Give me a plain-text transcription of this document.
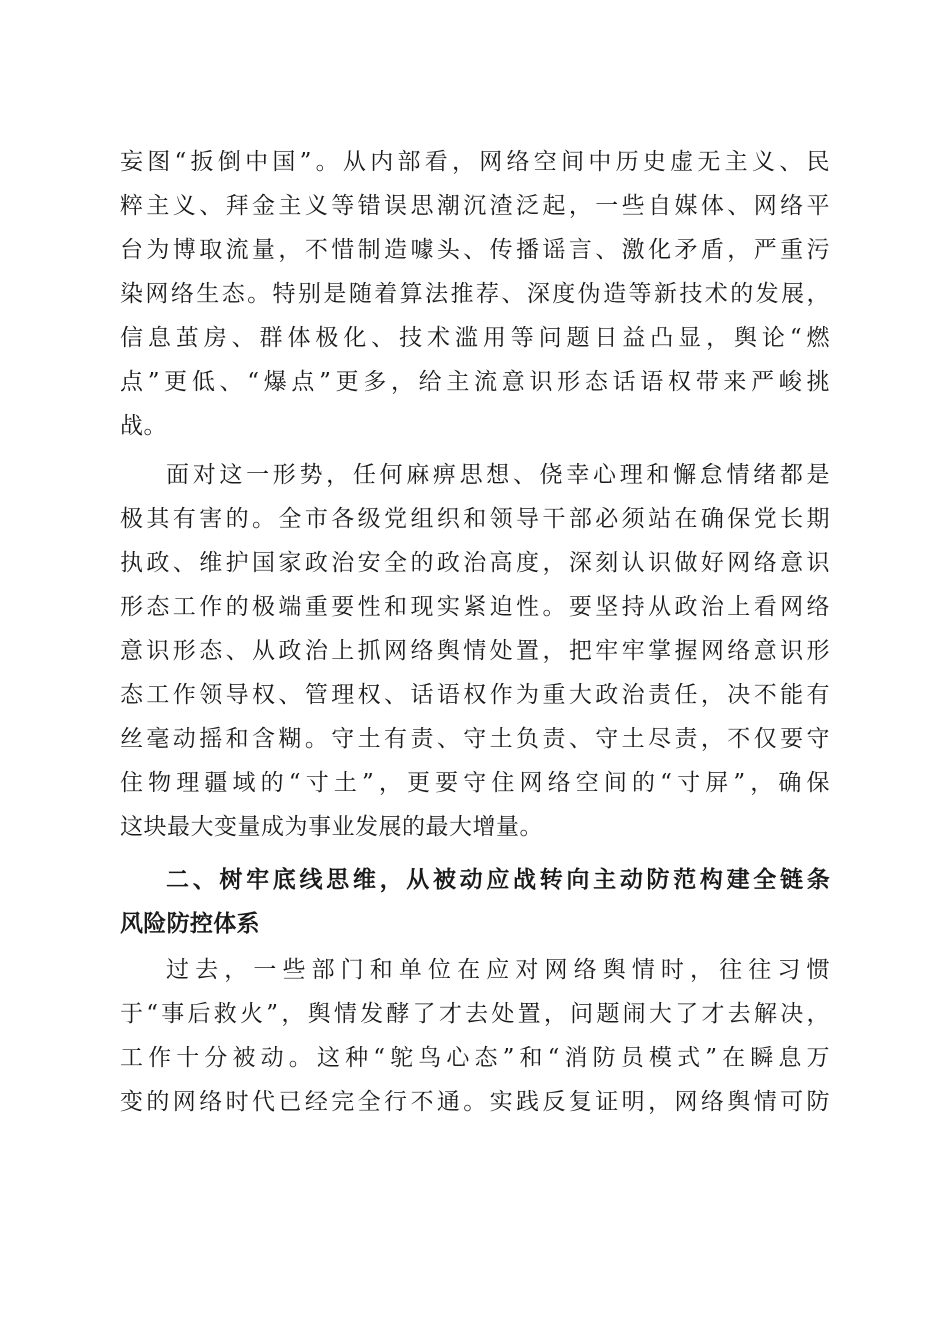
妄图“扳倒中国”。从内部看，网络空间中历史虚无主义、民
粹主义、拜金主义等错误思潮沉渣泛起，一些自媒体、网络平
台为博取流量，不惜制造噱头、传播谣言、激化矛盾，严重污
染网络生态。特别是随着算法推荐、深度伪造等新技术的发展，
信息茧房、群体极化、技术滥用等问题日益凸显，舆论“燃
点”更低、“爆点”更多，给主流意识形态话语权带来严峻挑
战。
面对这一形势，任何麻痹思想、侥幸心理和懈怠情绪都是
极其有害的。全市各级党组织和领导干部必须站在确保党长期
执政、维护国家政治安全的政治高度，深刻认识做好网络意识
形态工作的极端重要性和现实紧迫性。要坚持从政治上看网络
意识形态、从政治上抓网络舆情处置，把牢牢掌握网络意识形
态工作领导权、管理权、话语权作为重大政治责任，决不能有
丝毫动摇和含糊。守土有责、守土负责、守土尽责，不仅要守
住物理疆域的“寸土”，更要守住网络空间的“寸屏”，确保
这块最大变量成为事业发展的最大增量。
二、树牢底线思维，从被动应战转向主动防范构建全链条
风险防控体系
过去，一些部门和单位在应对网络舆情时，往往习惯
于“事后救火”，舆情发酵了才去处置，问题闹大了才去解决，
工作十分被动。这种“鸵鸟心态”和“消防员模式”在瞬息万
变的网络时代已经完全行不通。实践反复证明，网络舆情可防
